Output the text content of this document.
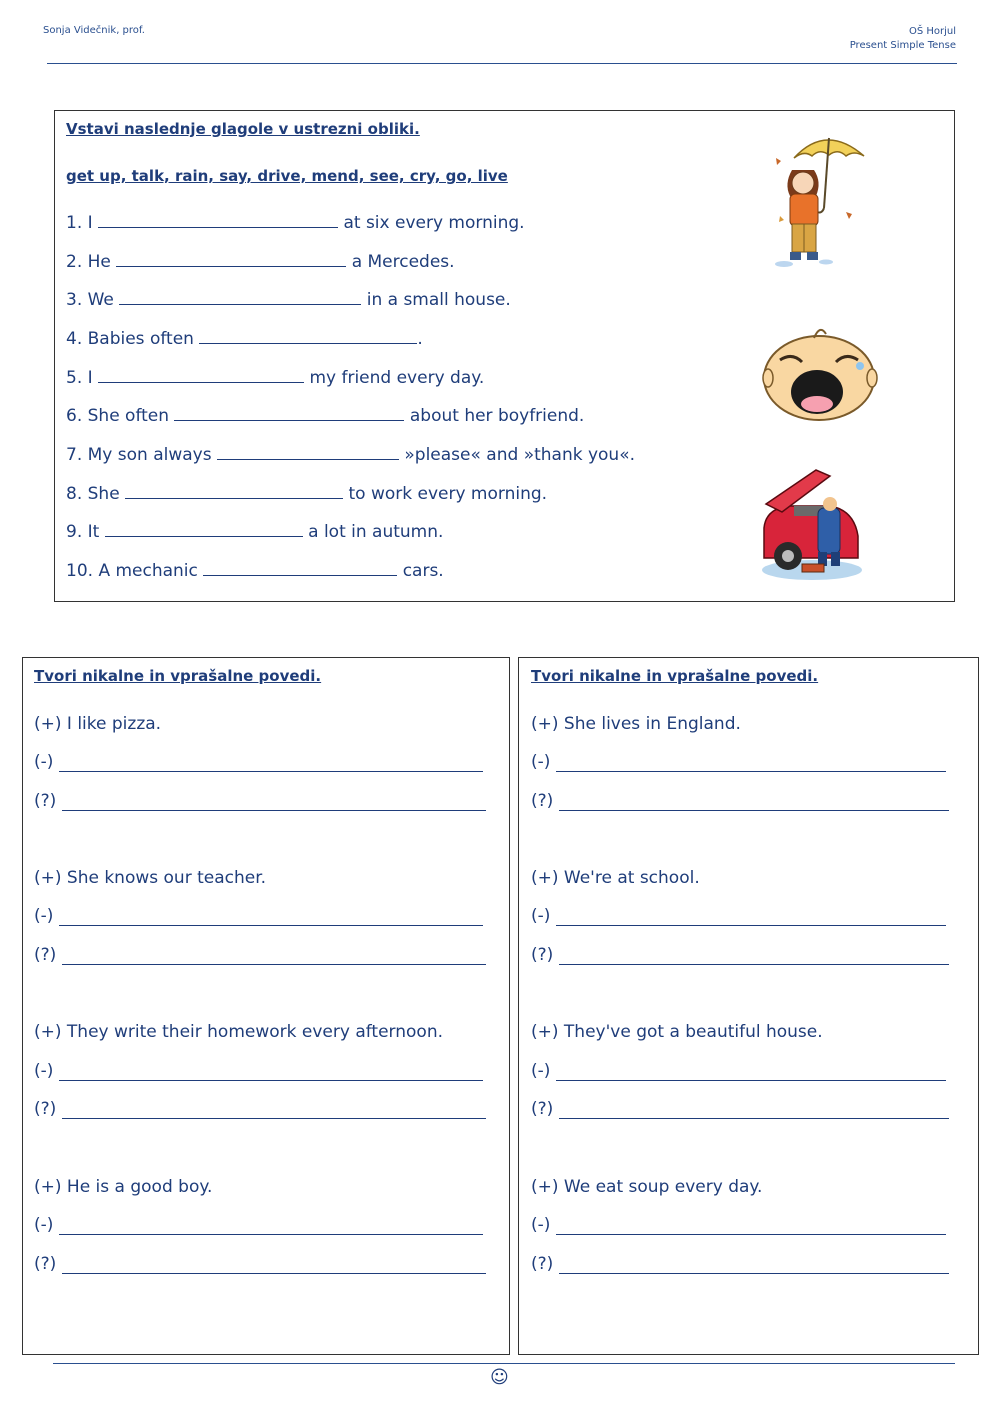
Sonja Videčnik, prof.	OŠ Horjul
Present Simple Tense
Vstavi naslednje glagole v ustrezni obliki.
get up, talk, rain, say, drive, mend, see, cry, go, live
1. I	at six every morning.
2. He	a Mercedes.
3. We	in a small house.
4. Babies often	.
5. I	my friend every day.
6. She often	about her boyfriend.
7. My son always	»please« and »thank you«.
8. She	to work every morning.
9. It	a lot in autumn.
10. A mechanic	cars.
Tvori nikalne in vprašalne povedi.
(+) I like pizza.
(-)
(?)
(+) She knows our teacher.
(-)
(?)
(+) They write their homework every afternoon.
(-)
(?)
(+) He is a good boy.
(-)
(?)
Tvori nikalne in vprašalne povedi.
(+) She lives in England.
(-)
(?)
(+) We're at school.
(-)
(?)
(+) They've got a beautiful house.
(-)
(?)
(+) We eat soup every day.
(-)
(?)
☺
